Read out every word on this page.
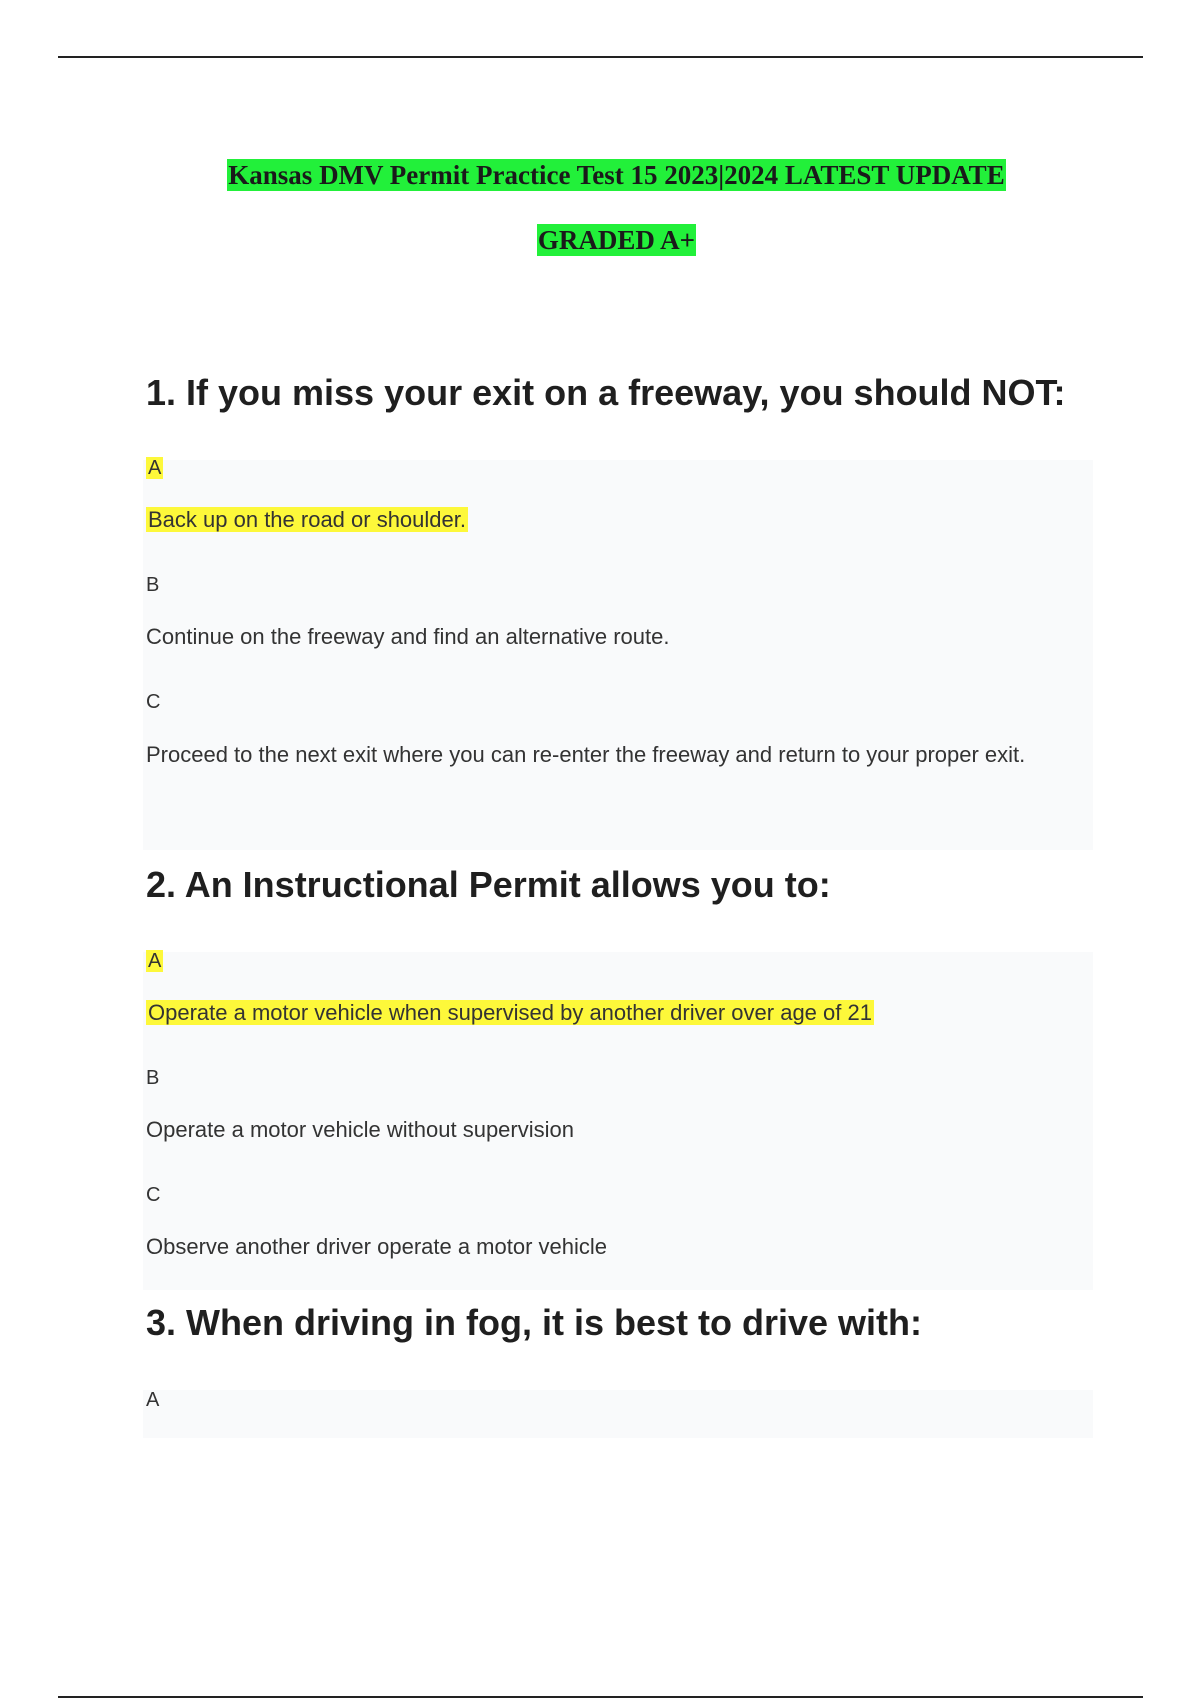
Kansas DMV Permit Practice Test 15 2023|2024 LATEST UPDATE
GRADED A+
1. If you miss your exit on a freeway, you should NOT:
A
Back up on the road or shoulder.
B
Continue on the freeway and find an alternative route.
C
Proceed to the next exit where you can re-enter the freeway and return to your proper exit.
2. An Instructional Permit allows you to:
A
Operate a motor vehicle when supervised by another driver over age of 21
B
Operate a motor vehicle without supervision
C
Observe another driver operate a motor vehicle
3. When driving in fog, it is best to drive with:
A
